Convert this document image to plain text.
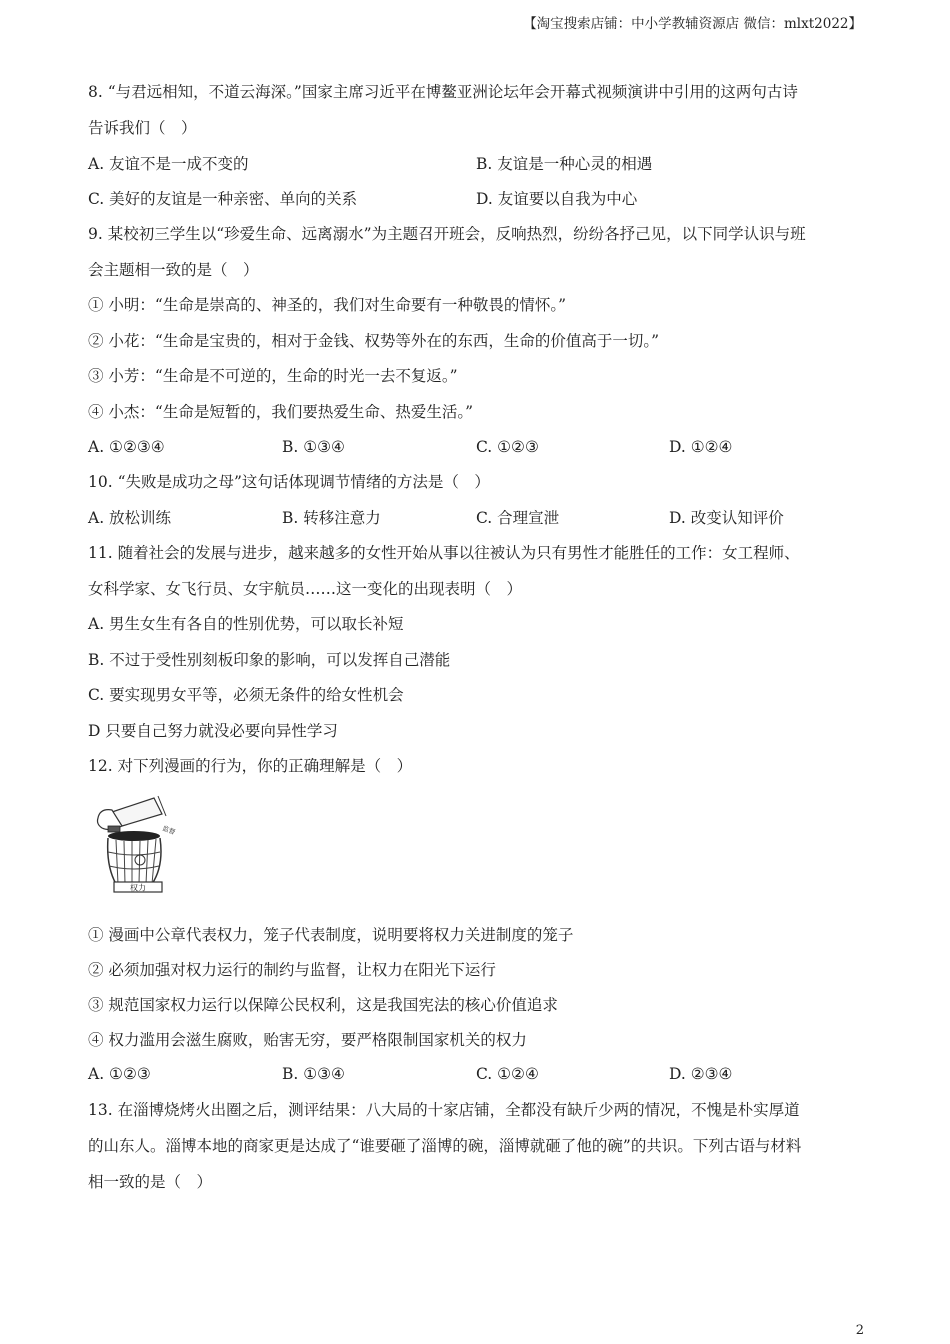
【淘宝搜索店铺：中小学教辅资源店 微信：mlxt2022】
8. “与君远相知，不道云海深。”国家主席习近平在博鳌亚洲论坛年会开幕式视频演讲中引用的这两句古诗
告诉我们（　）
A. 友谊不是一成不变的	B. 友谊是一种心灵的相遇
C. 美好的友谊是一种亲密、单向的关系	D. 友谊要以自我为中心
9. 某校初三学生以“珍爱生命、远离溺水”为主题召开班会，反响热烈，纷纷各抒己见，以下同学认识与班
会主题相一致的是（　）
① 小明：“生命是崇高的、神圣的，我们对生命要有一种敬畏的情怀。”
② 小花：“生命是宝贵的，相对于金钱、权势等外在的东西，生命的价值高于一切。”
③ 小芳：“生命是不可逆的，生命的时光一去不复返。”
④ 小杰：“生命是短暂的，我们要热爱生命、热爱生活。”
A. ①②③④	B. ①③④	C. ①②③	D. ①②④
10. “失败是成功之母”这句话体现调节情绪的方法是（　）
A. 放松训练	B. 转移注意力	C. 合理宣泄	D. 改变认知评价
11. 随着社会的发展与进步，越来越多的女性开始从事以往被认为只有男性才能胜任的工作：女工程师、
女科学家、女飞行员、女宇航员……这一变化的出现表明（　）
A. 男生女生有各自的性别优势，可以取长补短
B. 不过于受性别刻板印象的影响，可以发挥自己潜能
C. 要实现男女平等，必须无条件的给女性机会
D 只要自己努力就没必要向异性学习
12. 对下列漫画的行为，你的正确理解是（　）
权力
监督
① 漫画中公章代表权力，笼子代表制度，说明要将权力关进制度的笼子
② 必须加强对权力运行的制约与监督，让权力在阳光下运行
③ 规范国家权力运行以保障公民权利，这是我国宪法的核心价值追求
④ 权力滥用会滋生腐败，贻害无穷，要严格限制国家机关的权力
A. ①②③	B. ①③④	C. ①②④	D. ②③④
13. 在淄博烧烤火出圈之后，测评结果：八大局的十家店铺，全都没有缺斤少两的情况，不愧是朴实厚道
的山东人。淄博本地的商家更是达成了“谁要砸了淄博的碗，淄博就砸了他的碗”的共识。下列古语与材料
相一致的是（　）
2
